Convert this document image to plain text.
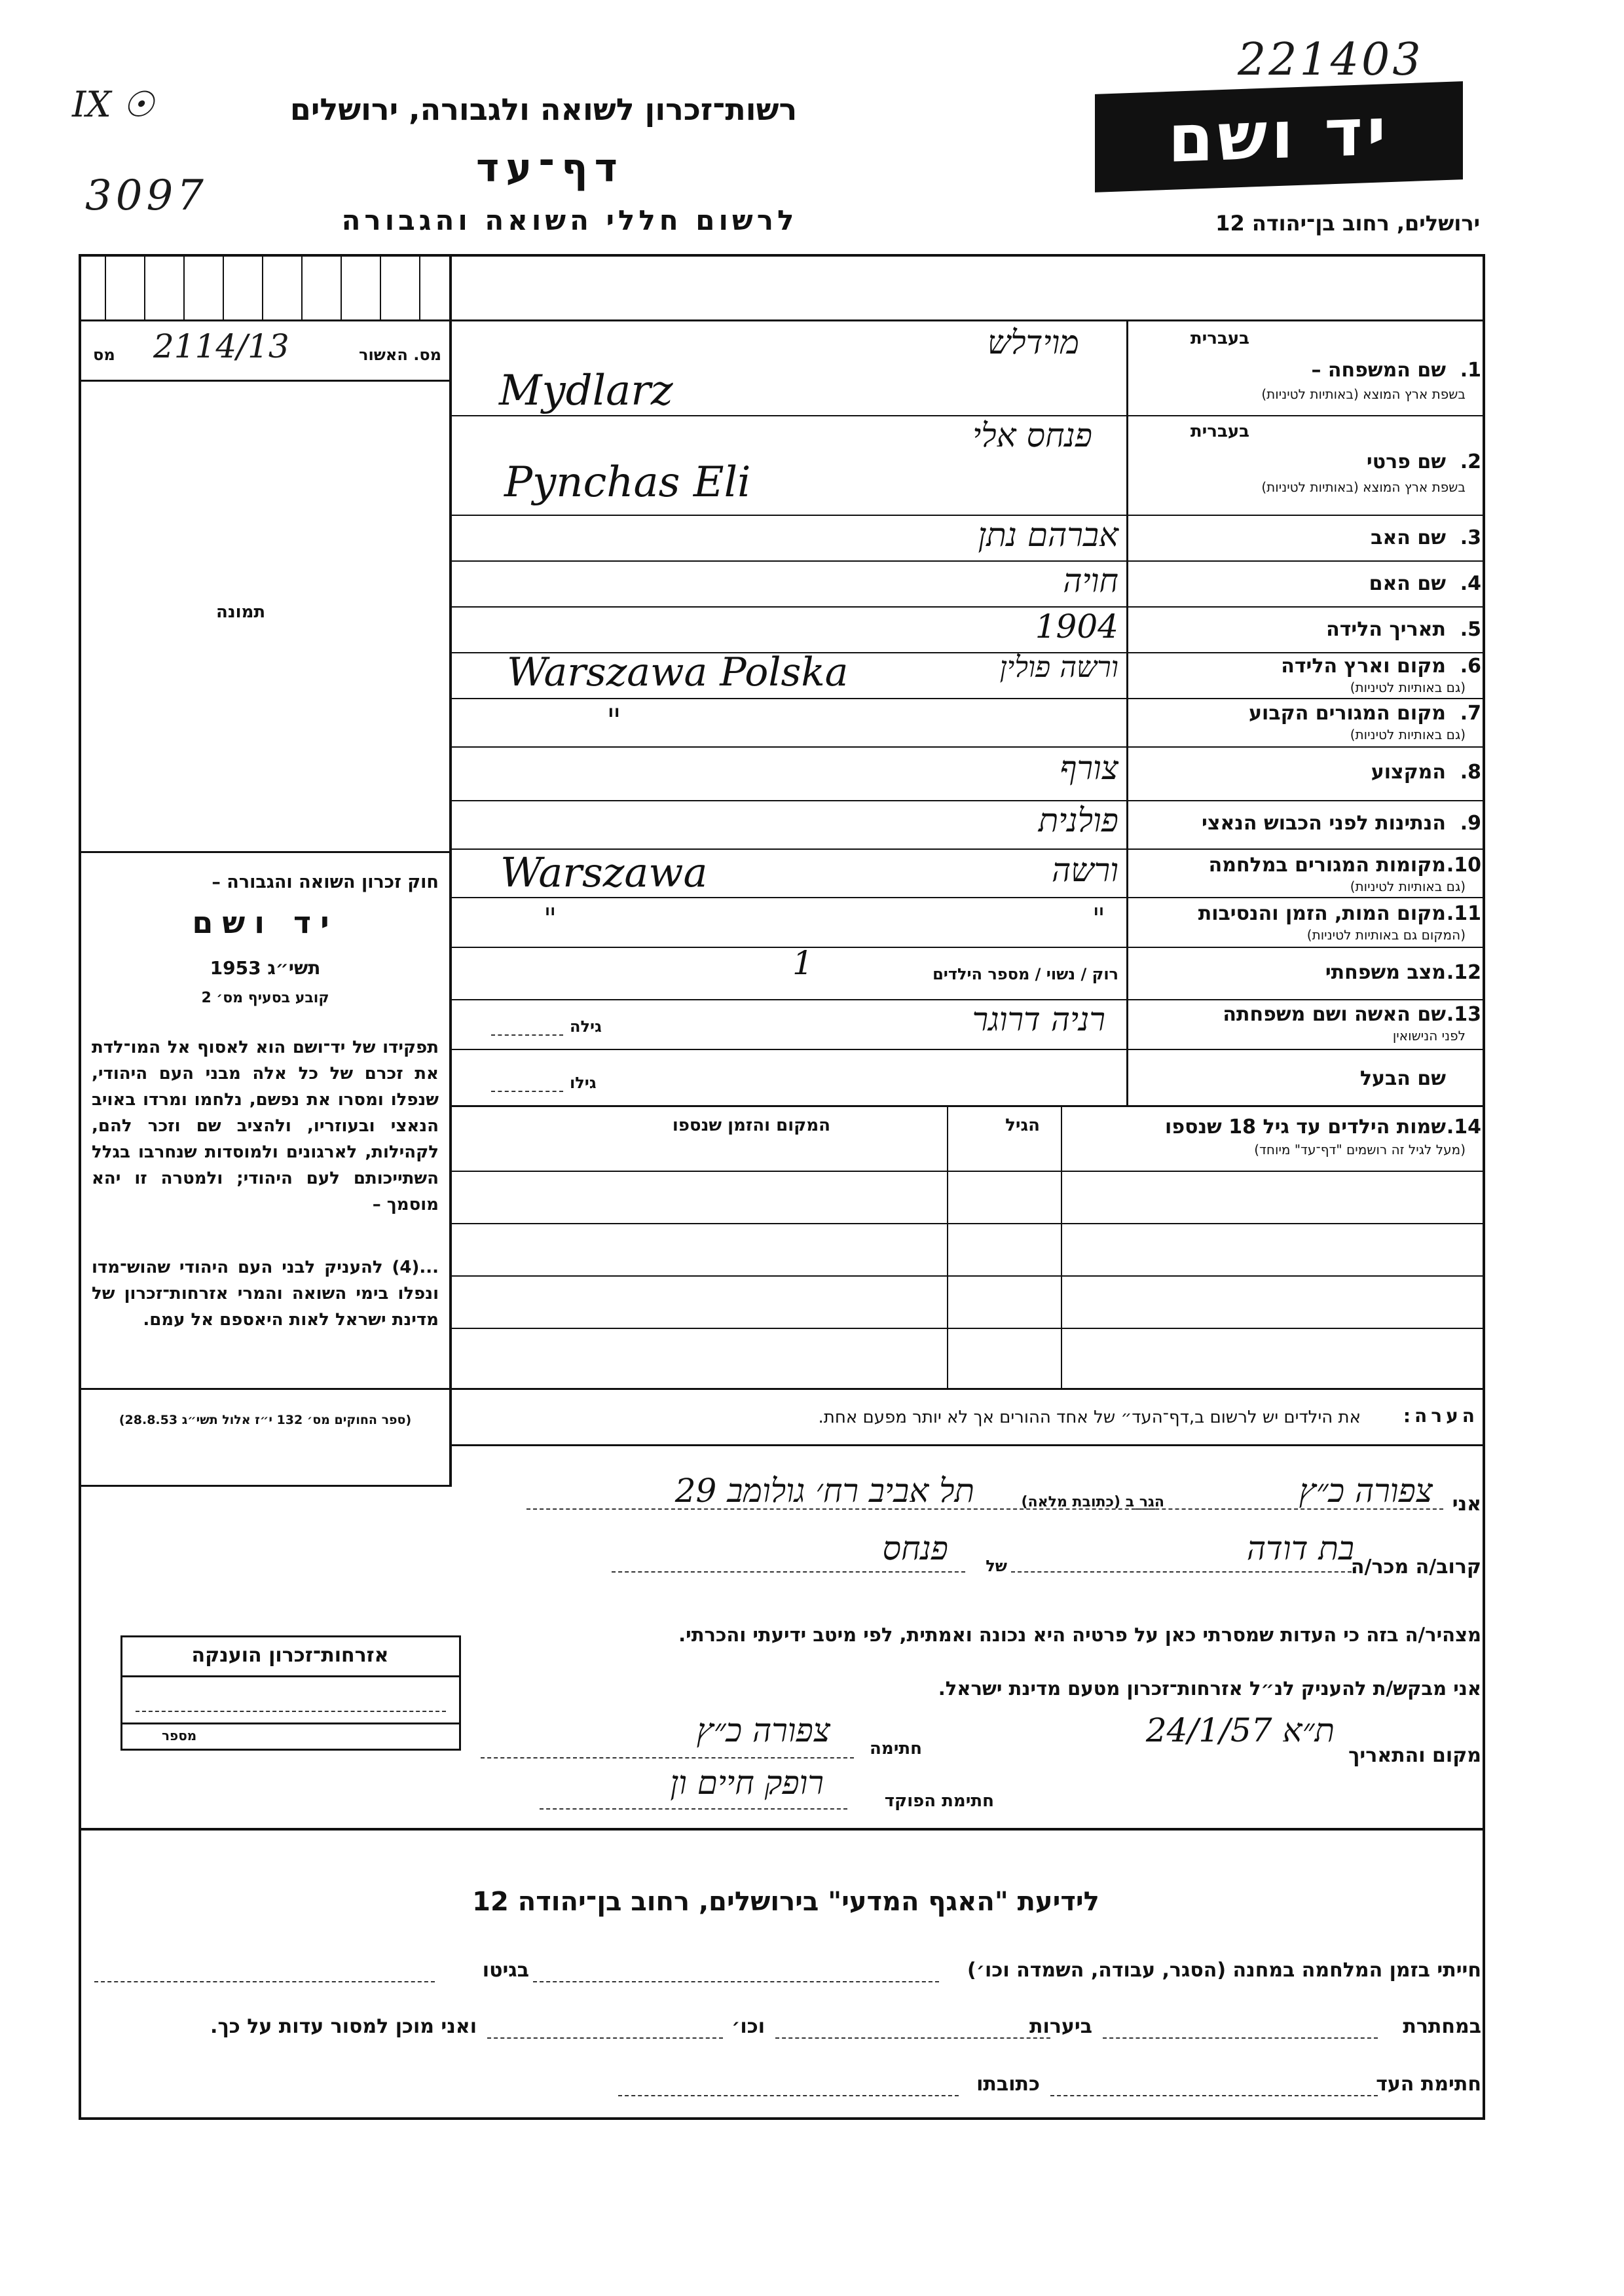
221403
IX ☉
3097
רשות־זכרון לשואה ולגבורה, ירושלים
דף־עד
לרשום חללי השואה והגבורה
יד ושם
ירושלים, רחוב בן־יהודה 12
מס. האשור
2114/13
מס
תמונה
חוק זכרון השואה והגבורה –
יד ושם
תשי״ג 1953
קובע בסעיף מס׳ 2
תפקידו של יד־ושם הוא לאסוף אל המו־לדת את זכרם של כל אלה מבני העם היהודי, שנפלו ומסרו את נפשם, נלחמו ומרדו באויב הנאצי ובעוזריו, ולהציב שם וזכר להם, לקהילות, לארגונים ולמוסדות שנחרבו בגלל השתייכותם לעם היהודי; ולמטרה זו יהא מוסמך –
...(4) להעניק לבני העם היהודי שהוש־מדו ונפלו בימי השואה והמרי אזרחות־זכרון של מדינת ישראל לאות היאספם אל עמם.
(ספר החוקים מס׳ 132 י״ז אלול תשי״ג 28.8.53)
בעברית
שם המשפחה – 1.
בשפת ארץ המוצא (באותיות לטיניות)
מוידלש
Mydlarz
בעברית
שם פרטי 2.
בשפת ארץ המוצא (באותיות לטיניות)
פנחס אלי
Pynchas Eli
שם האב 3.
אברהם נתן
שם האם 4.
חויה
תאריך הלידה 5.
1904
מקום וארץ הלידה 6.
(גם באותיות לטיניות)
ורשה פולין
Warszawa Polska
מקום המגורים הקבוע 7.
(גם באותיות לטיניות)
"
המקצוע 8.
צורף
הנתינות לפני הכבוש הנאצי 9.
פולנית
מקומות המגורים במלחמה 10.
(גם באותיות לטיניות)
ורשה
Warszawa
מקום המות, הזמן והנסיבות 11.
(המקום גם באותיות לטיניות)
"
"
מצב משפחתי 12.
רוק / נשוי / מספר הילדים
1
שם האשה ושם משפחתה 13.
לפני הנישואין
רניה דרוגר
גילה
שם הבעל
גילו
14.
שמות הילדים עד גיל 18 שנספו
(מעל לגיל זה רושמים "דף־עד" מיוחד)
הגיל
המקום והזמן שנספו
הערה:
את הילדים יש לרשום ב,דף־העד״ של אחד ההורים אך לא יותר מפעם אחת.
אני
צפורה כ״ץ
הגר ב (כתובת מלאה)
תל אביב רח׳ גולומב 29
קרוב/ה מכר/ה
בת דודה
של
פנחס
מצהיר/ה בזה כי העדות שמסרתי כאן על פרטיה היא נכונה ואמתית, לפי מיטב ידיעתי והכרתי.
אני מבקש/ת להעניק לנ״ל אזרחות־זכרון מטעם מדינת ישראל.
מקום והתאריך
ת״א 24/1/57
חתימה
צפורה כ״ץ
חתימת הפוקד
רופק חיים ון
אזרחות־זכרון הוענקה
מספר
לידיעת "האגף המדעי" בירושלים, רחוב בן־יהודה 12
חייתי בזמן המלחמה במחנה (הסגר, עבודה, השמדה וכו׳)
בגיטו
במחתרת
ביערות
וכו׳
ואני מוכן למסור עדות על כך.
חתימת העד
כתובתו
